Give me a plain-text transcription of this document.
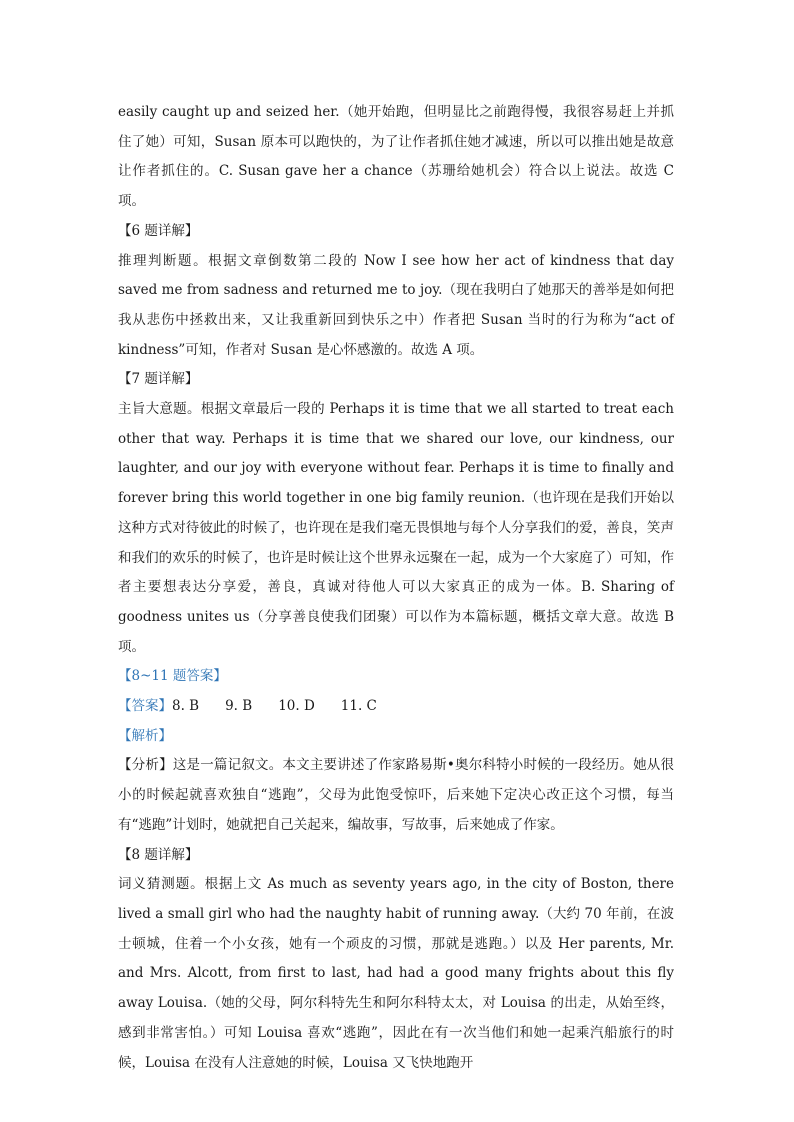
easily caught up and seized her.（她开始跑，但明显比之前跑得慢，我很容易赶上并抓住了她）可知，Susan 原本可以跑快的，为了让作者抓住她才减速，所以可以推出她是故意让作者抓住的。C. Susan gave her a chance（苏珊给她机会）符合以上说法。故选 C 项。

【6 题详解】

推理判断题。根据文章倒数第二段的 Now I see how her act of kindness that day saved me from sadness and returned me to joy.（现在我明白了她那天的善举是如何把我从悲伤中拯救出来，又让我重新回到快乐之中）作者把 Susan 当时的行为称为“act of kindness”可知，作者对 Susan 是心怀感激的。故选 A 项。

【7 题详解】

主旨大意题。根据文章最后一段的 Perhaps it is time that we all started to treat each other that way. Perhaps it is time that we shared our love, our kindness, our laughter, and our joy with everyone without fear. Perhaps it is time to finally and forever bring this world together in one big family reunion.（也许现在是我们开始以这种方式对待彼此的时候了，也许现在是我们毫无畏惧地与每个人分享我们的爱，善良，笑声和我们的欢乐的时候了，也许是时候让这个世界永远聚在一起，成为一个大家庭了）可知，作者主要想表达分享爱，善良，真诚对待他人可以大家真正的成为一体。B. Sharing of goodness unites us（分享善良使我们团聚）可以作为本篇标题，概括文章大意。故选 B 项。

【8~11 题答案】

【答案】8. B 9. B 10. D 11. C

【解析】

【分析】这是一篇记叙文。本文主要讲述了作家路易斯•奥尔科特小时候的一段经历。她从很小的时候起就喜欢独自“逃跑”，父母为此饱受惊吓，后来她下定决心改正这个习惯，每当有“逃跑”计划时，她就把自己关起来，编故事，写故事，后来她成了作家。

【8 题详解】

词义猜测题。根据上文 As much as seventy years ago, in the city of Boston, there lived a small girl who had the naughty habit of running away.（大约 70 年前，在波士顿城，住着一个小女孩，她有一个顽皮的习惯，那就是逃跑。）以及 Her parents, Mr. and Mrs. Alcott, from first to last, had had a good many frights about this fly away Louisa.（她的父母，阿尔科特先生和阿尔科特太太，对 Louisa 的出走，从始至终，感到非常害怕。）可知 Louisa 喜欢“逃跑”，因此在有一次当他们和她一起乘汽船旅行的时候，Louisa 在没有人注意她的时候，Louisa 又飞快地跑开
